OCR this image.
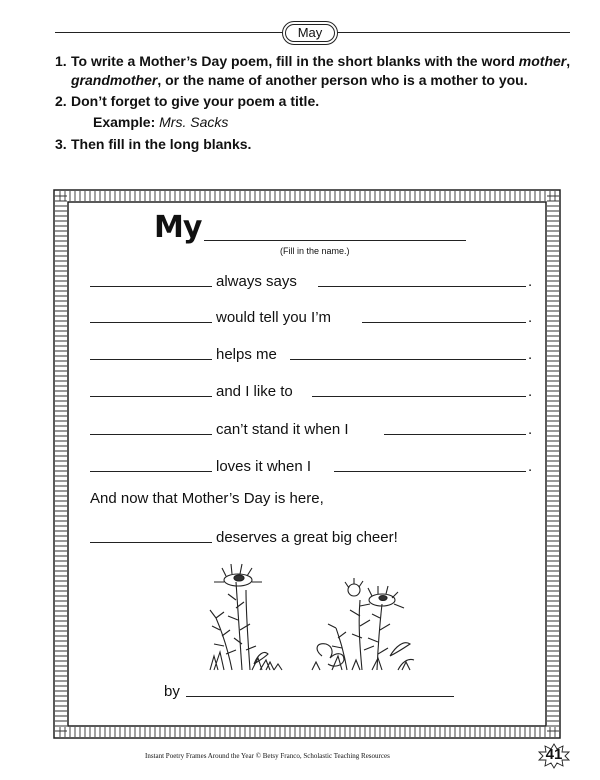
May
1. To write a Mother’s Day poem, fill in the short blanks with the word mother, grandmother, or the name of another person who is a mother to you.
2. Don’t forget to give your poem a title.
Example: Mrs. Sacks
3. Then fill in the long blanks.
My
(Fill in the name.)
always says	.
would tell you I’m	.
helps me	.
and I like to	.
can’t stand it when I	.
loves it when I	.
And now that Mother’s Day is here,
deserves a great big cheer!
by
Instant Poetry Frames Around the Year © Betsy Franco, Scholastic Teaching Resources	41
